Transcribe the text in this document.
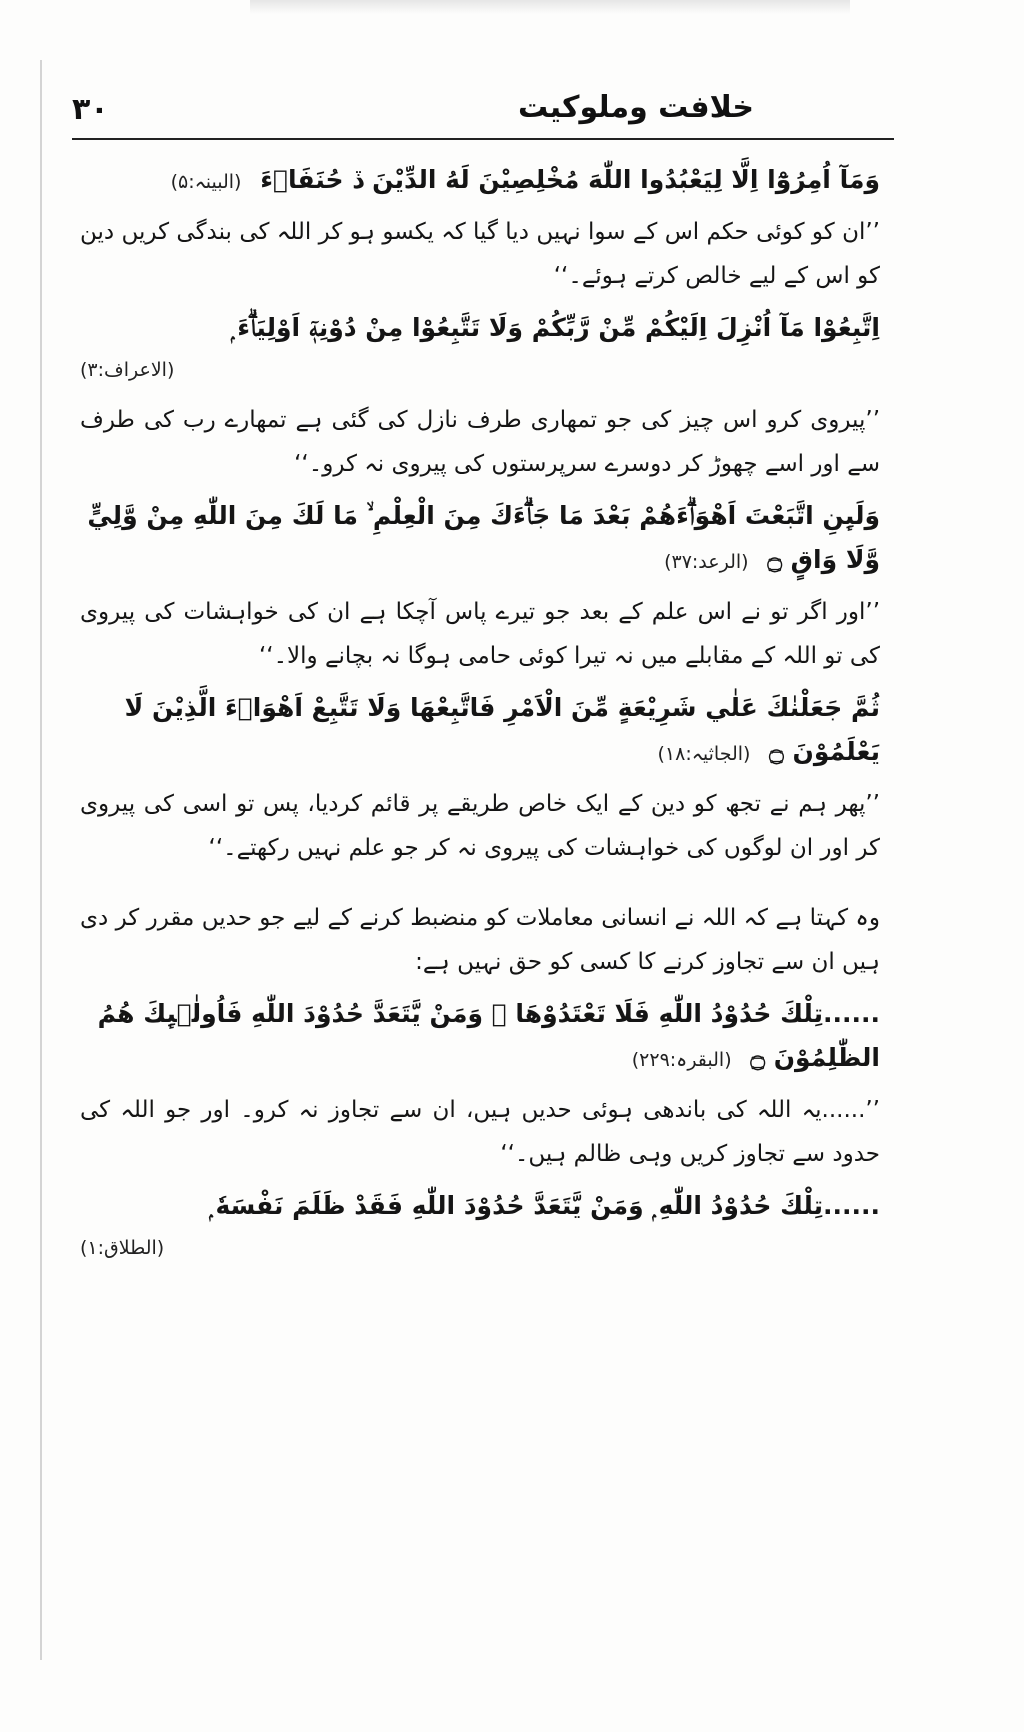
۳۰	خلافت وملوکیت

وَمَآ اُمِرُوْٓا اِلَّا لِيَعْبُدُوا اللّٰهَ مُخْلِصِيْنَ لَهُ الدِّيْنَ ڏ حُنَفَاۗءَ (البینہ:۵)

’’ان کو کوئی حکم اس کے سوا نہیں دیا گیا کہ یکسو ہو کر اللہ کی بندگی کریں دین کو اس کے لیے خالص کرتے ہوئے۔‘‘

اِتَّبِعُوْا مَآ اُنْزِلَ اِلَيْكُمْ مِّنْ رَّبِّكُمْ وَلَا تَتَّبِعُوْا مِنْ دُوْنِهٖٓ اَوْلِيَاۗءَ ۭ

(الاعراف:۳)

’’پیروی کرو اس چیز کی جو تمھاری طرف نازل کی گئی ہے تمھارے رب کی طرف سے اور اسے چھوڑ کر دوسرے سرپرستوں کی پیروی نہ کرو۔‘‘

وَلَىِٕنِ اتَّبَعْتَ اَهْوَاۗءَهُمْ بَعْدَ مَا جَاۗءَكَ مِنَ الْعِلْمِ ۙ مَا لَكَ مِنَ اللّٰهِ مِنْ وَّلِيٍّ وَّلَا وَاقٍ ۝ (الرعد:۳۷)

’’اور اگر تو نے اس علم کے بعد جو تیرے پاس آچکا ہے ان کی خواہشات کی پیروی کی تو اللہ کے مقابلے میں نہ تیرا کوئی حامی ہوگا نہ بچانے والا۔‘‘

ثُمَّ جَعَلْنٰكَ عَلٰي شَرِيْعَةٍ مِّنَ الْاَمْرِ فَاتَّبِعْهَا وَلَا تَتَّبِعْ اَهْوَاۗءَ الَّذِيْنَ لَا يَعْلَمُوْنَ ۝ (الجاثیہ:۱۸)

’’پھر ہم نے تجھ کو دین کے ایک خاص طریقے پر قائم کردیا، پس تو اسی کی پیروی کر اور ان لوگوں کی خواہشات کی پیروی نہ کر جو علم نہیں رکھتے۔‘‘

وہ کہتا ہے کہ اللہ نے انسانی معاملات کو منضبط کرنے کے لیے جو حدیں مقرر کر دی ہیں ان سے تجاوز کرنے کا کسی کو حق نہیں ہے:

......تِلْكَ حُدُوْدُ اللّٰهِ فَلَا تَعْتَدُوْھَا ۚ وَمَنْ يَّتَعَدَّ حُدُوْدَ اللّٰهِ فَاُولٰۗىِٕكَ ھُمُ الظّٰلِمُوْنَ ۝ (البقرہ:۲۲۹)

’’......یہ اللہ کی باندھی ہوئی حدیں ہیں، ان سے تجاوز نہ کرو۔ اور جو اللہ کی حدود سے تجاوز کریں وہی ظالم ہیں۔‘‘

......تِلْكَ حُدُوْدُ اللّٰهِ ۭ وَمَنْ يَّتَعَدَّ حُدُوْدَ اللّٰهِ فَقَدْ ظَلَمَ نَفْسَهٗ ۭ

(الطلاق:۱)
